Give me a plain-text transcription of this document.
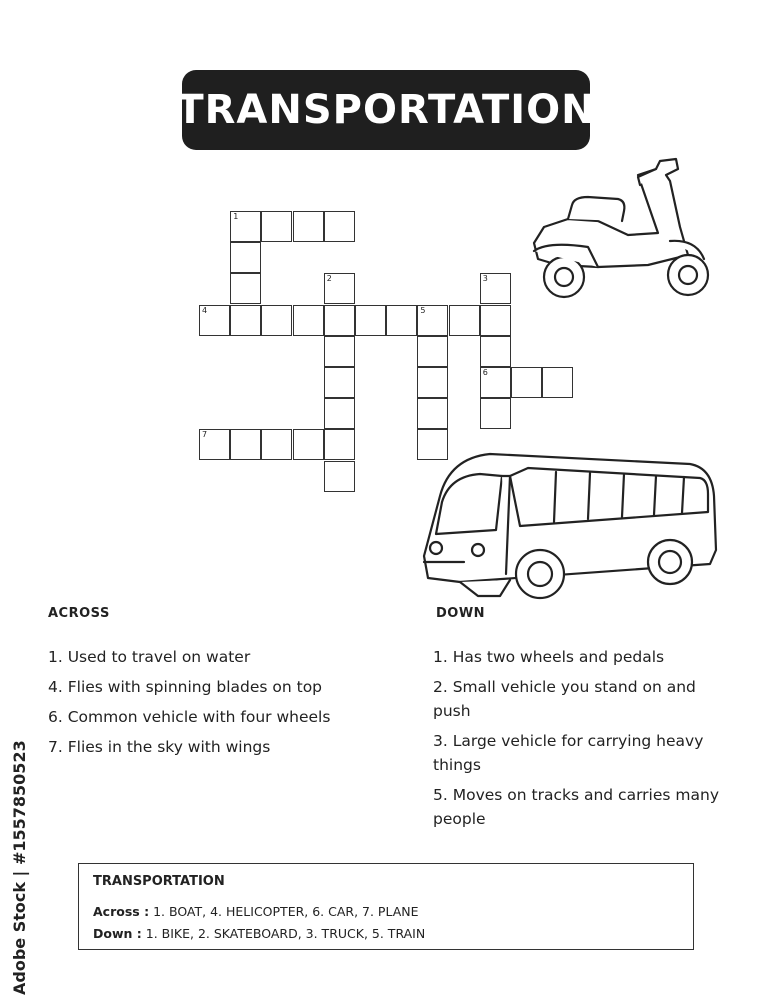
TRANSPORTATION
1
2	3
4	5
6
7
ACROSS
1. Used to travel on water
4. Flies with spinning blades on top
6. Common vehicle with four wheels
7. Flies in the sky with wings
DOWN
1. Has two wheels and pedals
2. Small vehicle you stand on and push
3. Large vehicle for carrying heavy things
5. Moves on tracks and carries many people
TRANSPORTATION
Across : 1. BOAT, 4. HELICOPTER, 6. CAR, 7. PLANE
Down : 1. BIKE, 2. SKATEBOARD, 3. TRUCK, 5. TRAIN
Adobe Stock | #1557850523
